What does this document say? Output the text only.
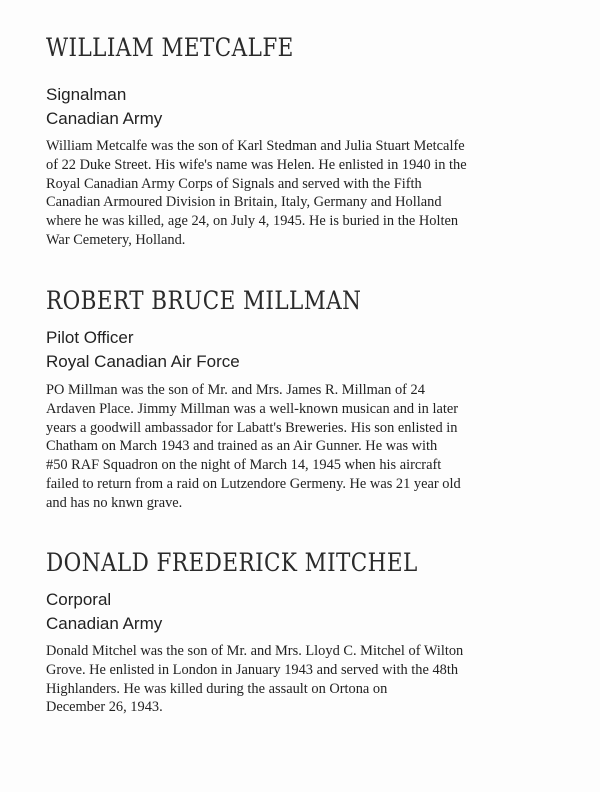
WILLIAM METCALFE

Signalman

Canadian Army

William Metcalfe was the son of Karl Stedman and Julia Stuart Metcalfe
of 22 Duke Street. His wife's name was Helen. He enlisted in 1940 in the
Royal Canadian Army Corps of Signals and served with the Fifth
Canadian Armoured Division in Britain, Italy, Germany and Holland
where he was killed, age 24, on July 4, 1945. He is buried in the Holten
War Cemetery, Holland.

ROBERT BRUCE MILLMAN

Pilot Officer

Royal Canadian Air Force

PO Millman was the son of Mr. and Mrs. James R. Millman of 24
Ardaven Place. Jimmy Millman was a well-known musican and in later
years a goodwill ambassador for Labatt's Breweries. His son enlisted in
Chatham on March 1943 and trained as an Air Gunner. He was with
#50 RAF Squadron on the night of March 14, 1945 when his aircraft
failed to return from a raid on Lutzendore Germeny. He was 21 year old
and has no knwn grave.

DONALD FREDERICK MITCHEL

Corporal

Canadian Army

Donald Mitchel was the son of Mr. and Mrs. Lloyd C. Mitchel of Wilton
Grove. He enlisted in London in January 1943 and served with the 48th
Highlanders. He was killed during the assault on Ortona on
December 26, 1943.
